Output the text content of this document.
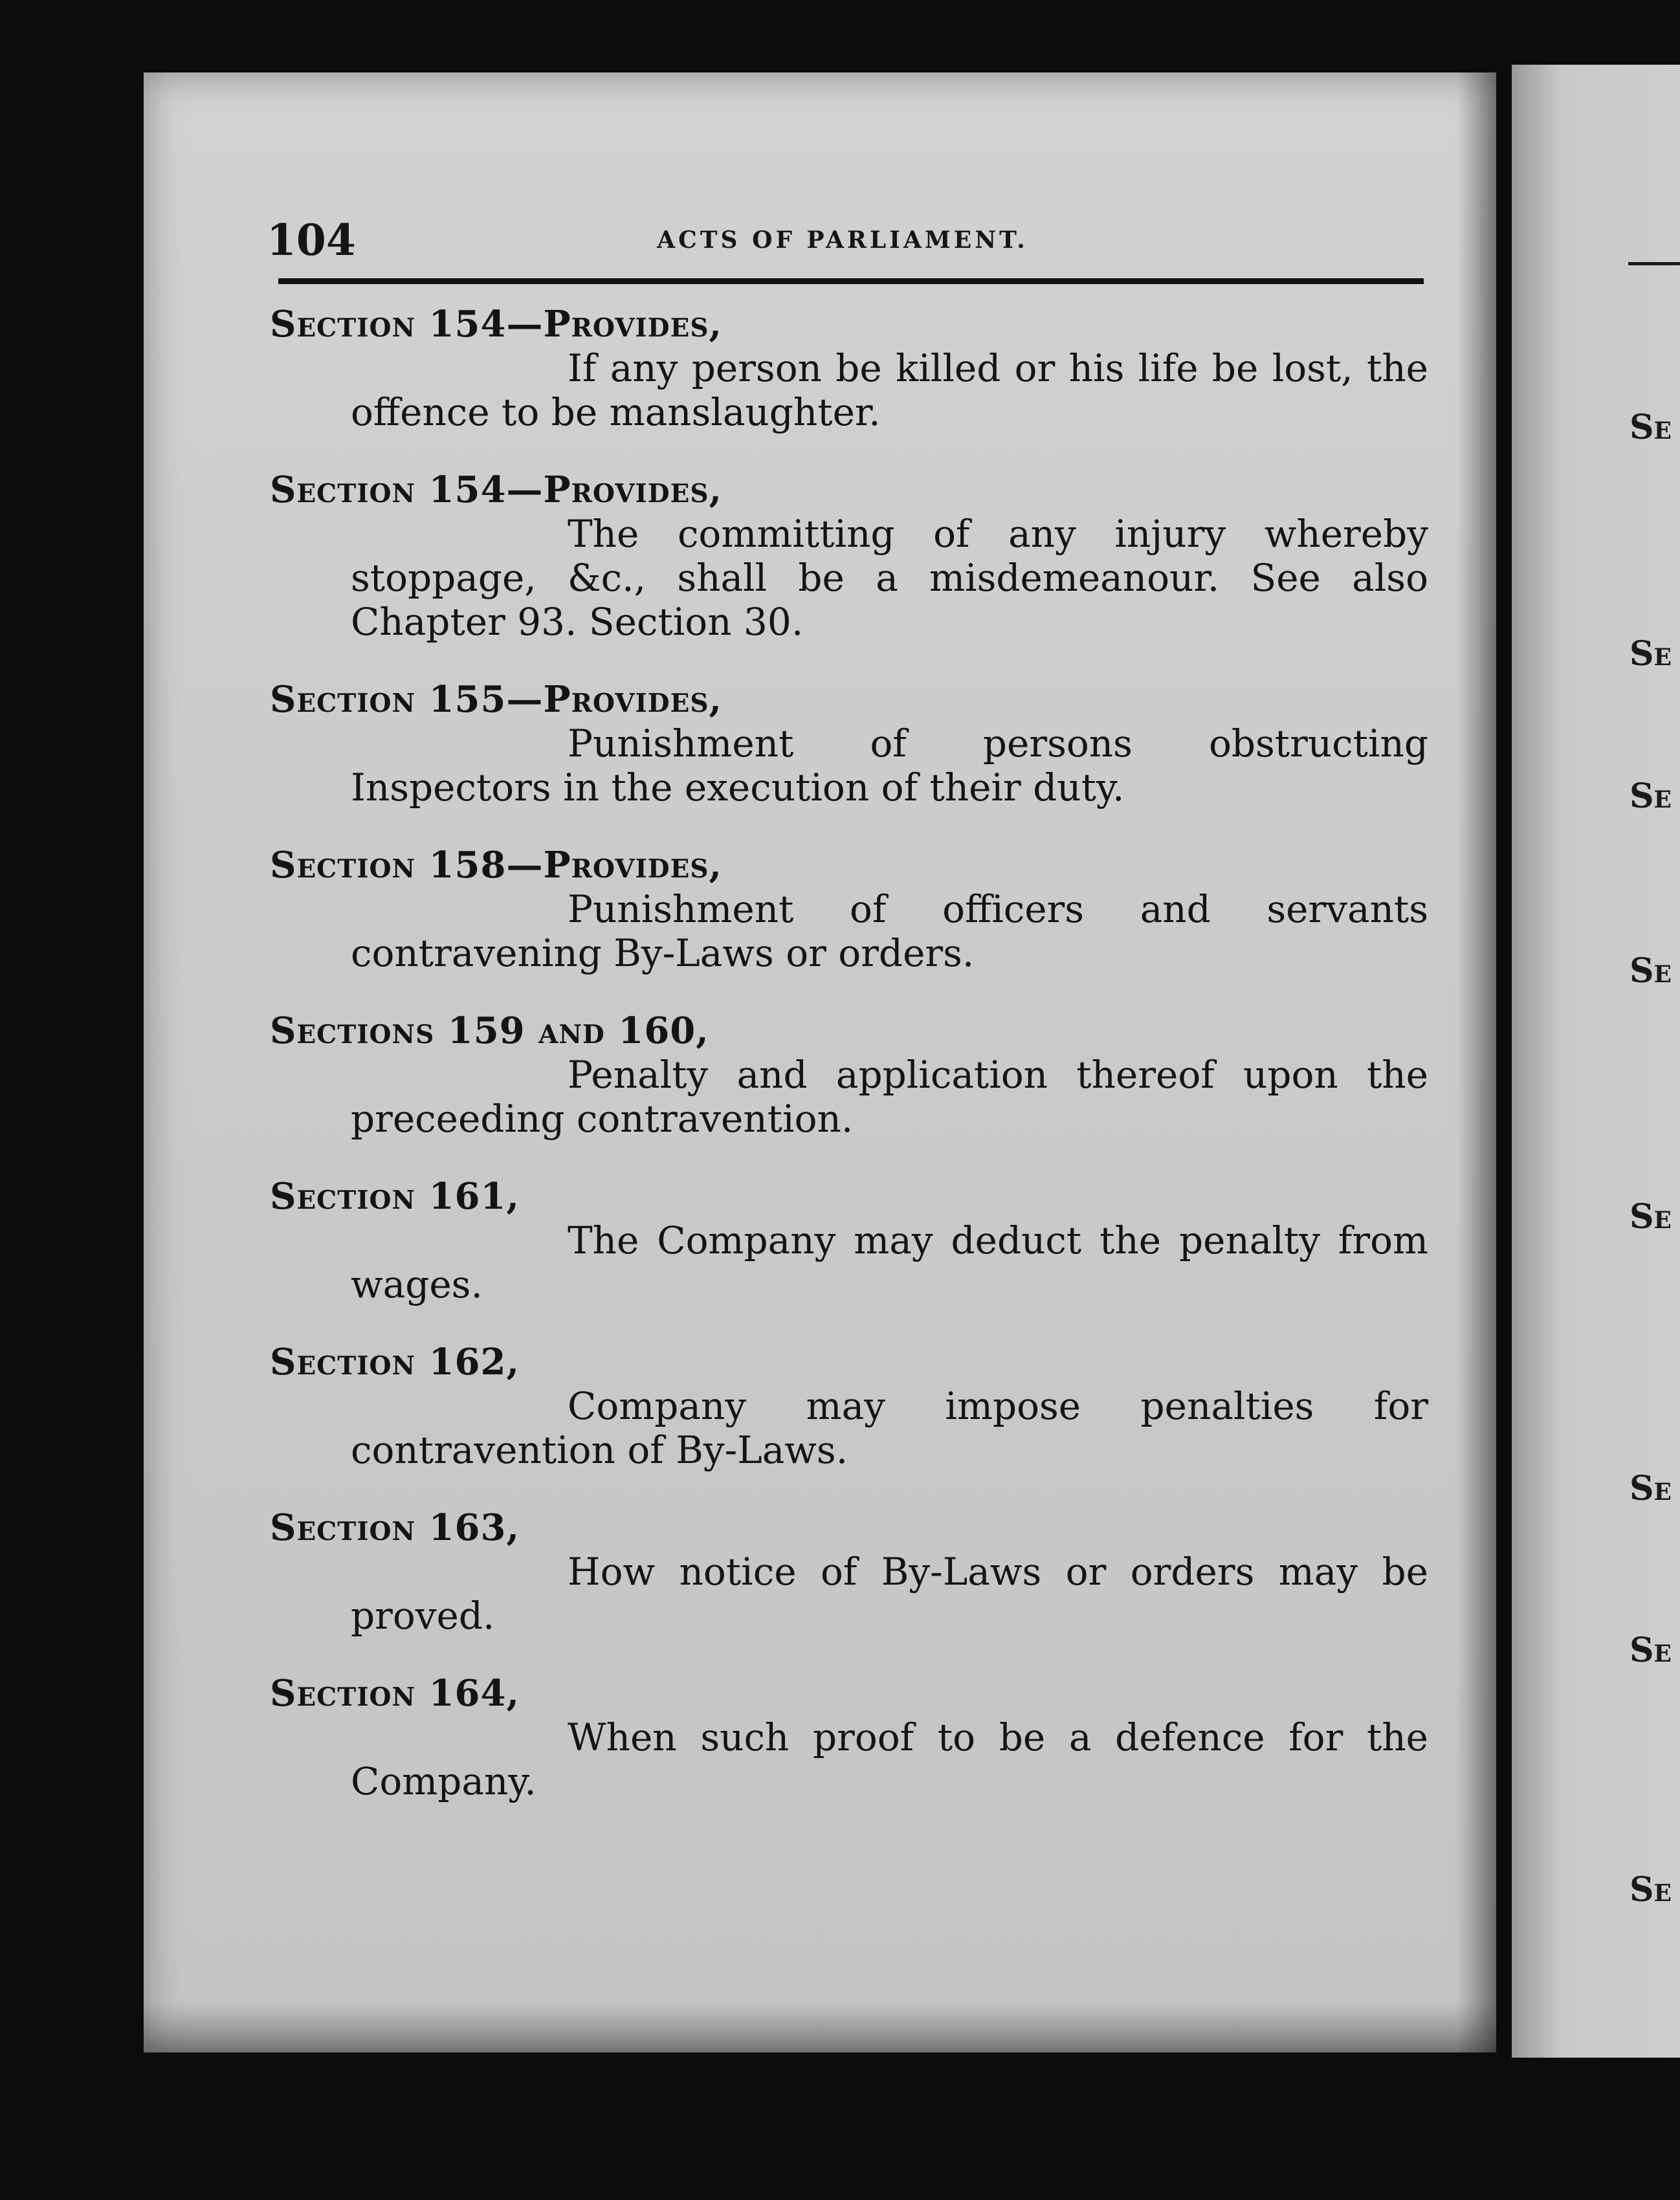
104	ACTS OF PARLIAMENT.
Section 154—Provides,
If any person be killed or his life be lost, the offence to be manslaughter.
Section 154—Provides,
The committing of any injury whereby stoppage, &c., shall be a misdemeanour. See also Chapter 93. Section 30.
Section 155—Provides,
Punishment of persons obstructing Inspectors in the execution of their duty.
Section 158—Provides,
Punishment of officers and servants contravening By-Laws or orders.
Sections 159 and 160,
Penalty and application thereof upon the preceeding contravention.
Section 161,
The Company may deduct the penalty from wages.
Section 162,
Company may impose penalties for contravention of By-Laws.
Section 163,
How notice of By-Laws or orders may be proved.
Section 164,
When such proof to be a defence for the Company.
Se
Se
Se
Se
Se
Se
Se
Se
